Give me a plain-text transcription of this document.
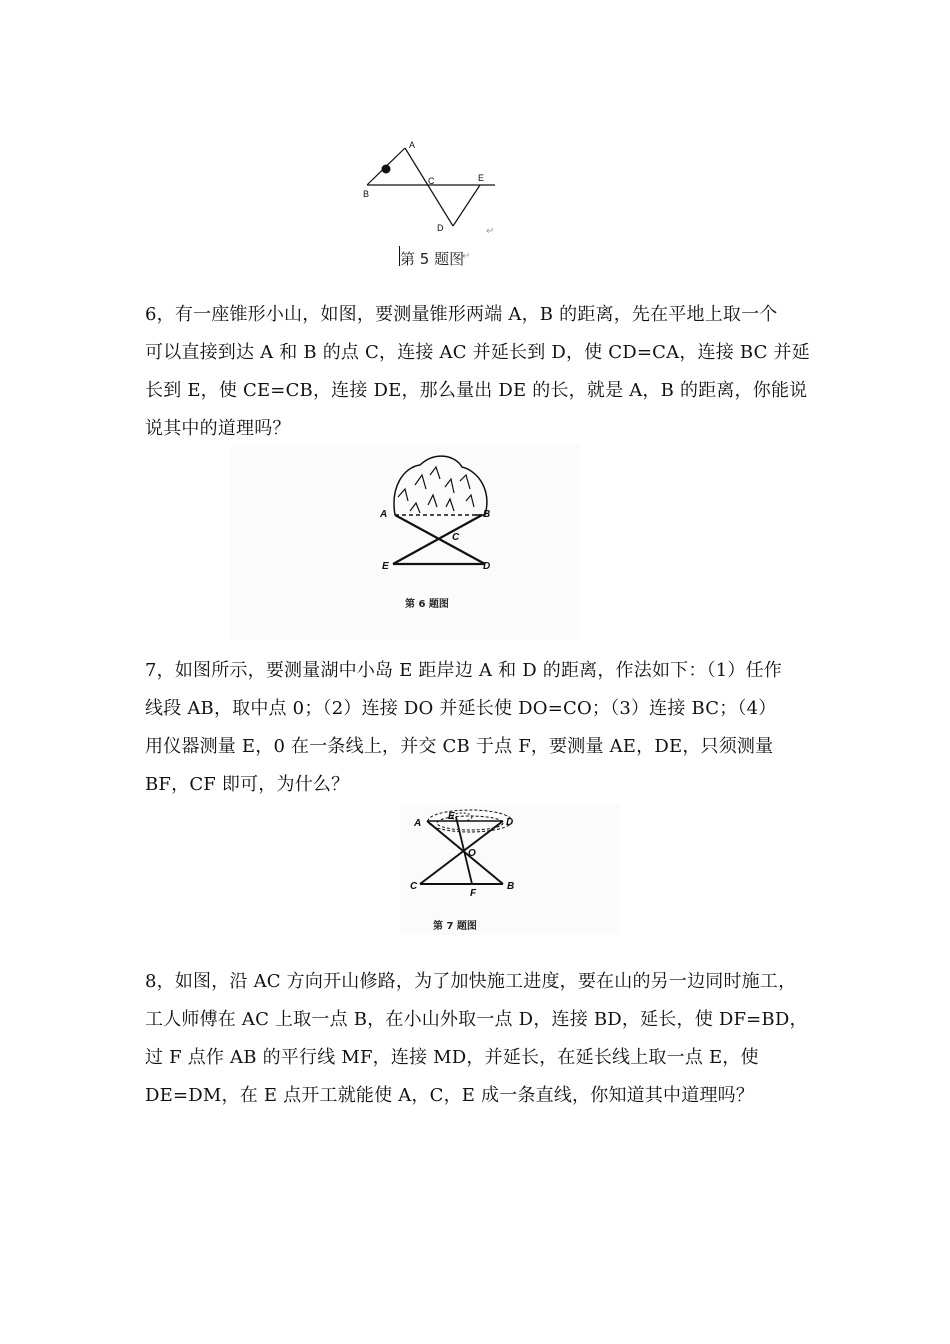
A
B
C	E
D	↵
第 5 题图
↵
6，有一座锥形小山，如图，要测量锥形两端 A，B 的距离，先在平地上取一个
可以直接到达 A 和 B 的点 C，连接 AC 并延长到 D，使 CD=CA，连接 BC 并延
长到 E，使 CE=CB，连接 DE，那么量出 DE 的长，就是 A，B 的距离，你能说
说其中的道理吗？
A	B
C
E	D
第 6 题图
7，如图所示，要测量湖中小岛 E 距岸边 A 和 D 的距离，作法如下：（1）任作
线段 AB，取中点 0；（2）连接 DO 并延长使 DO=CO；（3）连接 BC；（4）
用仪器测量 E，0 在一条线上，并交 CB 于点 F，要测量 AE，DE，只须测量
BF，CF 即可，为什么？
A
E
D
O
C
F
B
第 7 题图
8，如图，沿 AC 方向开山修路，为了加快施工进度，要在山的另一边同时施工，
工人师傅在 AC 上取一点 B，在小山外取一点 D，连接 BD，延长，使 DF=BD，
过 F 点作 AB 的平行线 MF，连接 MD，并延长，在延长线上取一点 E，使
DE=DM，在 E 点开工就能使 A，C，E 成一条直线，你知道其中道理吗？
